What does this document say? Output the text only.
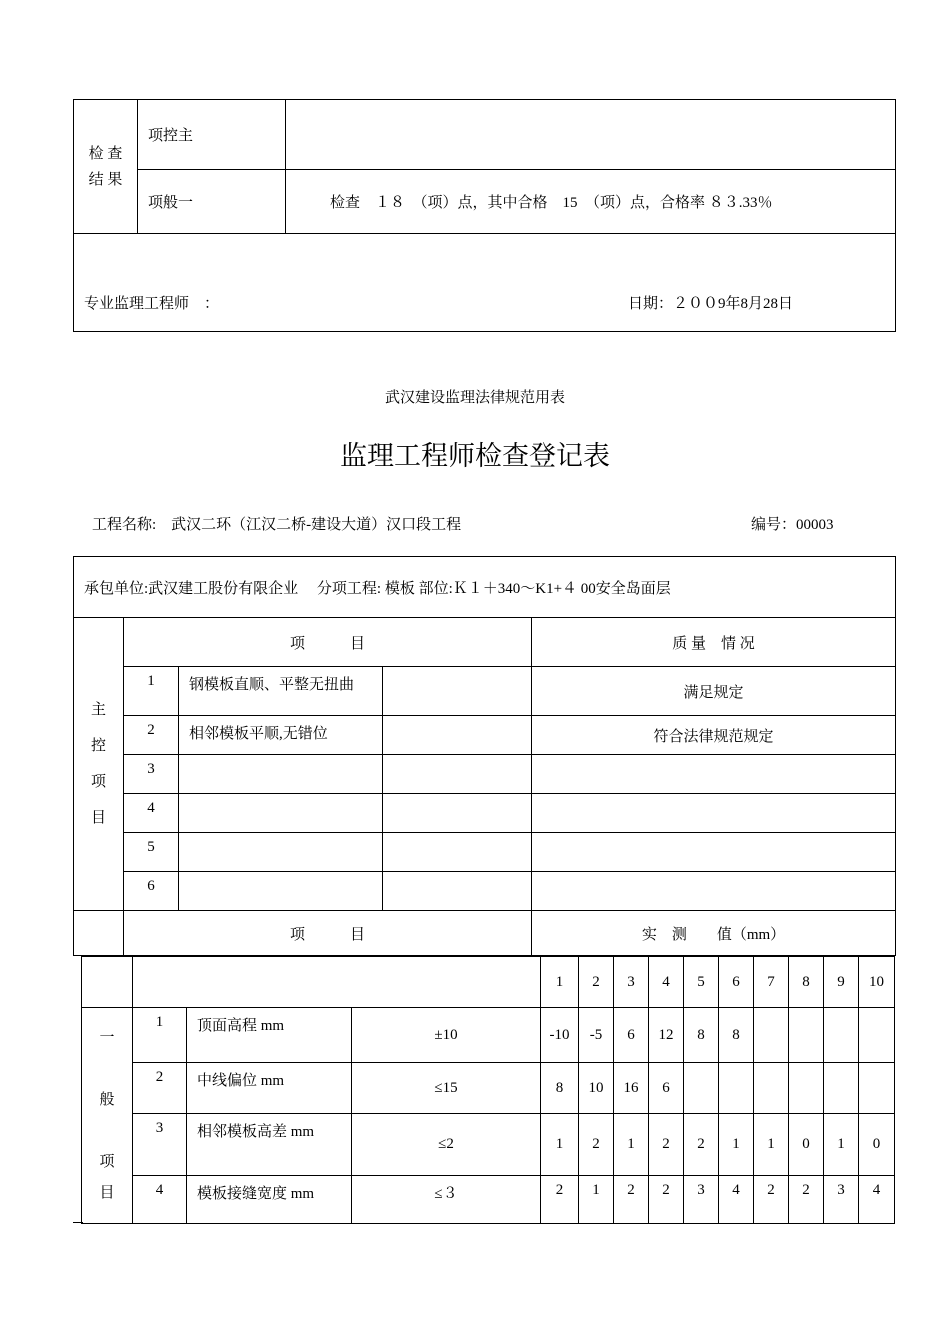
检 查
结 果	项控主	
	项般一	检查　１８　（项）点，其中合格　15　（项）点，合格率 ８３.33％
专业监理工程师　： 日期：２００9年8月28日		
武汉建设监理法律规范用表
监理工程师检查登记表
工程名称:　武汉二环（江汉二桥-建设大道）汉口段工程	编号：00003
承包单位:武汉建工股份有限企业　 分项工程: 模板 部位:Ｋ１＋340～K1+４ 00安全岛面层				
主
控
项
目	项　　　目			质 量　情 况
	1	钢模板直顺、平整无扭曲		满足规定
	2	相邻模板平顺,无错位		符合法律规范规定
	3			
	4			
	5			
	6			
	项　　　目			实　测　　值（mm）
				1	2	3	4	5	6	7	8	9	10
一

般

项
目	1	顶面高程 mm	±10	-10	-5	6	12	8	8				
	2	中线偏位 mm	≤15	8	10	16	6						
	3	相邻模板高差 mm	≤2	1	2	1	2	2	1	1	0	1	0
	4	模板接缝宽度 mm	≤３	2	1	2	2	3	4	2	2	3	4
